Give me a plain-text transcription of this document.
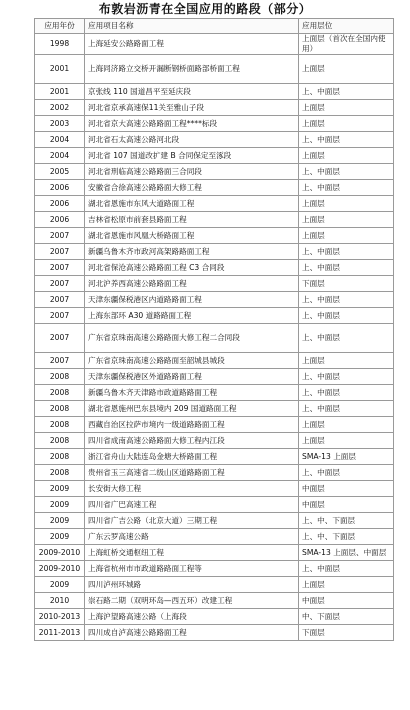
布敦岩沥青在全国应用的路段（部分）
应用年份	应用项目名称	应用层位
1998	上海延安公路路面工程	上面层（首次在全国内使用）
2001	上海同济路立交桥开漏断钢桥面路部桥面工程	上面层
2001	京张线 110 国道昌平至延庆段	上、中面层
2002	河北省京承高速保11关至雅山子段	上面层
2003	河北省京大高速公路路面工程****标段	上面层
2004	河北省石太高速公路河北段	上、中面层
2004	河北省 107 国道改扩建 B 合同保定至涿段	上面层
2005	河北省刑临高速公路路面三合同段	上、中面层
2006	安徽省合徐高速公路路面大修工程	上、中面层
2006	湖北省恩施市东风大道路面工程	上面层
2006	吉林省松原市前套县路面工程	上面层
2007	湖北省恩施市风凰大桥路面工程	上面层
2007	新疆乌鲁木齐市政河高架路路面工程	上、中面层
2007	河北省保沧高速公路路面工程 C3 合同段	上、中面层
2007	河北沪养西高速公路路面工程	下面层
2007	天津东疆保税港区内道路路面工程	上、中面层
2007	上海东部环 A30 道路路面工程	上、中面层
2007	广东省京珠南高速公路路面大修工程二合同段	上、中面层
2007	广东省京珠南高速公路路面至韶城县城段	上面层
2008	天津东疆保税港区外道路路面工程	上、中面层
2008	新疆乌鲁木齐天津路市政道路路面工程	上、中面层
2008	湖北省恩施州巴东县境内 209 国道路面工程	上、中面层
2008	西藏自治区拉萨市境内一级道路路面工程	上面层
2008	四川省成南高速公路路面大修工程内江段	上面层
2008	浙江省舟山大陆连岛金塘大桥路面工程	SMA-13 上面层
2008	贵州省玉三高速省二级山区道路路面工程	上、中面层
2009	长安街大修工程	中面层
2009	四川省广巴高速工程	中面层
2009	四川省广吉公路（北京大道）三期工程	上、中、下面层
2009	广东云罗高速公路	上、中、下面层
2009-2010	上海虹桥交通枢纽工程	SMA-13 上面层、中面层
2009-2010	上海省杭州市市政道路路面工程等	上、中面层
2009	四川泸州环城路	上面层
2010	崇石路二期（双明环岛—西五环）改建工程	中面层
2010-2013	上海沪望路高速公路（上海段	中、下面层
2011-2013	四川成自泸高速公路路面工程	下面层
